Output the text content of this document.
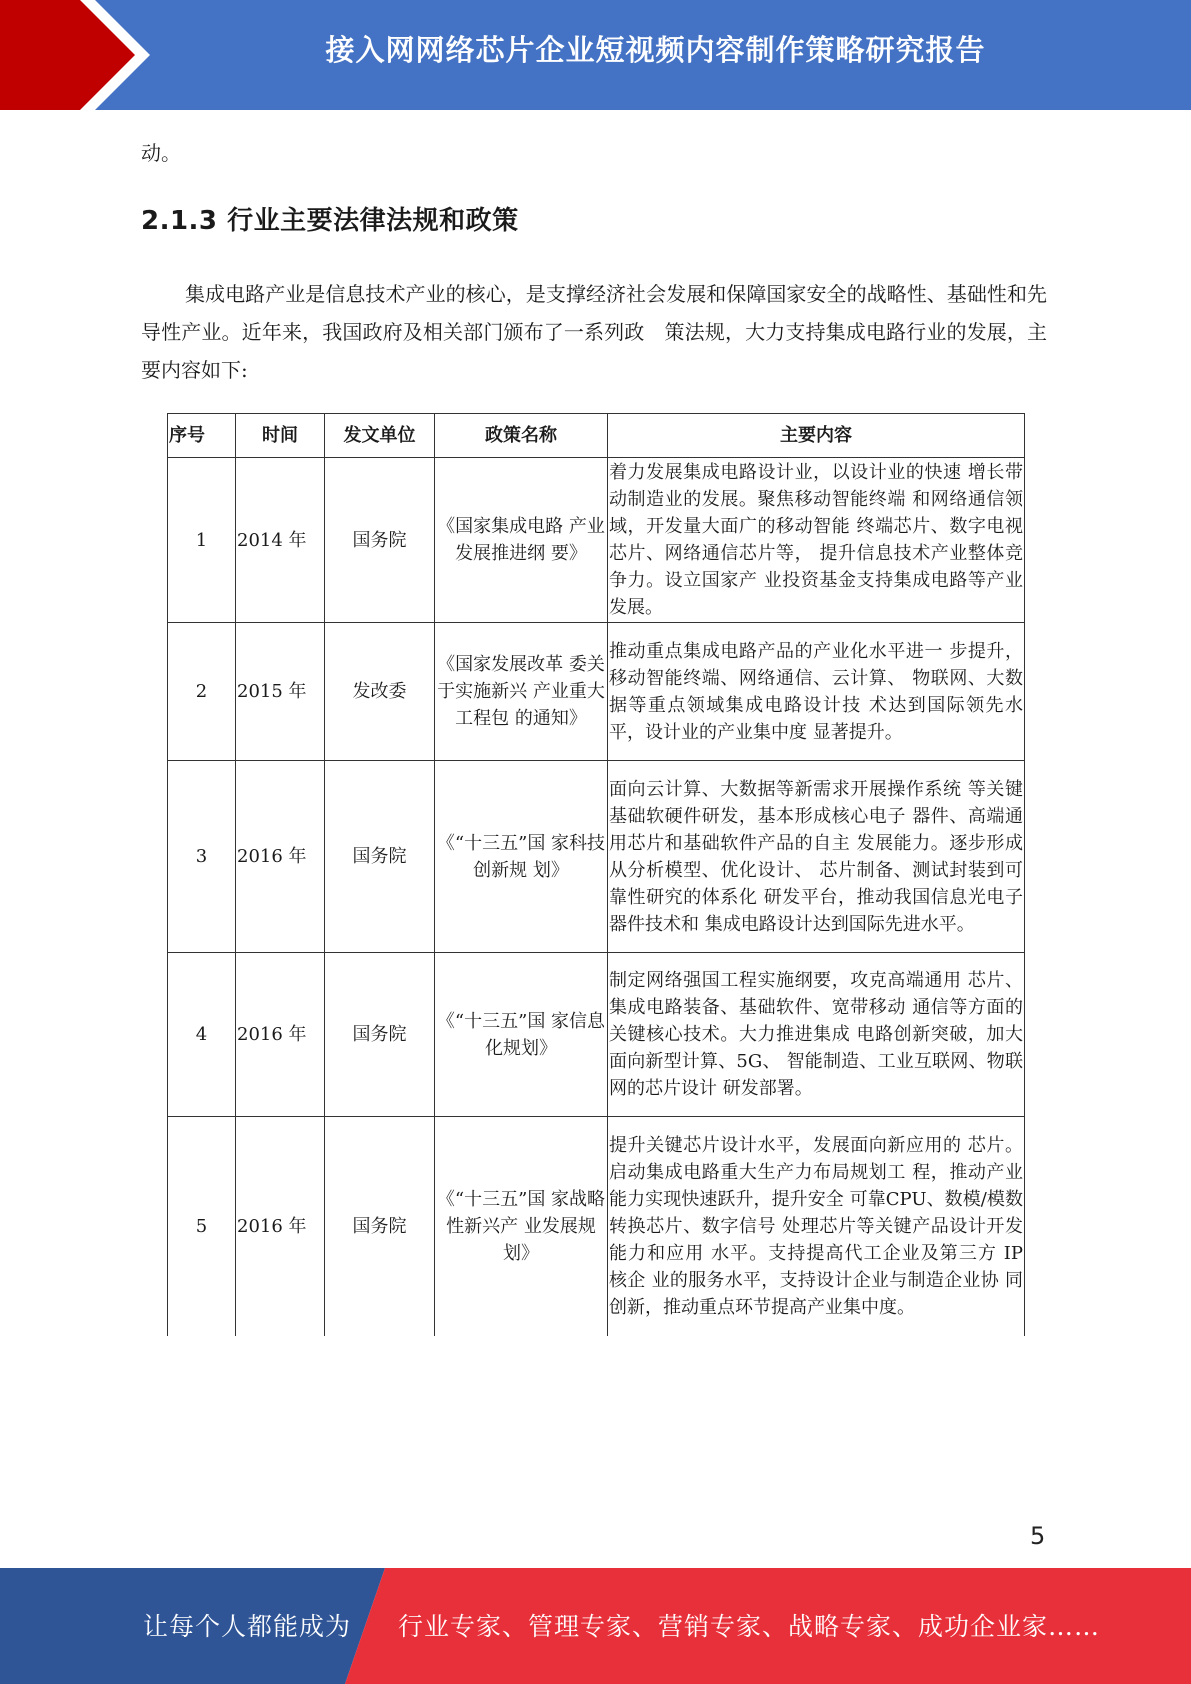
接入网网络芯片企业短视频内容制作策略研究报告
动。
2.1.3 行业主要法律法规和政策

集成电路产业是信息技术产业的核心，是支撑经济社会发展和保障国家安全的战略性、基础性和先导性产业。近年来，我国政府及相关部门颁布了一系列政　策法规，大力支持集成电路行业的发展，主要内容如下:

序号	时间	发文单位	政策名称	主要内容
1	2014 年	国务院	《国家集成电路 产业发展推进纲 要》	着力发展集成电路设计业，以设计业的快速 增长带动制造业的发展。聚焦移动智能终端 和网络通信领域，开发量大面广的移动智能 终端芯片、数字电视芯片、网络通信芯片等， 提升信息技术产业整体竞争力。设立国家产 业投资基金支持集成电路等产业发展。
2	2015 年	发改委	《国家发展改革 委关于实施新兴 产业重大工程包 的通知》	推动重点集成电路产品的产业化水平进一 步提升，移动智能终端、网络通信、云计算、 物联网、大数据等重点领域集成电路设计技 术达到国际领先水平，设计业的产业集中度 显著提升。
3	2016 年	国务院	《“十三五”国 家科技创新规 划》	面向云计算、大数据等新需求开展操作系统 等关键基础软硬件研发，基本形成核心电子 器件、高端通用芯片和基础软件产品的自主 发展能力。逐步形成从分析模型、优化设计、 芯片制备、测试封装到可靠性研究的体系化 研发平台，推动我国信息光电子器件技术和 集成电路设计达到国际先进水平。
4	2016 年	国务院	《“十三五”国 家信息化规划》	制定网络强国工程实施纲要，攻克高端通用 芯片、集成电路装备、基础软件、宽带移动 通信等方面的关键核心技术。大力推进集成 电路创新突破，加大面向新型计算、5G、 智能制造、工业互联网、物联网的芯片设计 研发部署。
5	2016 年	国务院	《“十三五”国 家战略性新兴产 业发展规划》	提升关键芯片设计水平，发展面向新应用的 芯片。启动集成电路重大生产力布局规划工 程，推动产业能力实现快速跃升，提升安全 可靠CPU、数模/模数转换芯片、数字信号 处理芯片等关键产品设计开发能力和应用 水平。支持提高代工企业及第三方 IP 核企 业的服务水平，支持设计企业与制造企业协 同创新，推动重点环节提高产业集中度。
5
让每个人都能成为 行业专家、管理专家、营销专家、战略专家、成功企业家……
